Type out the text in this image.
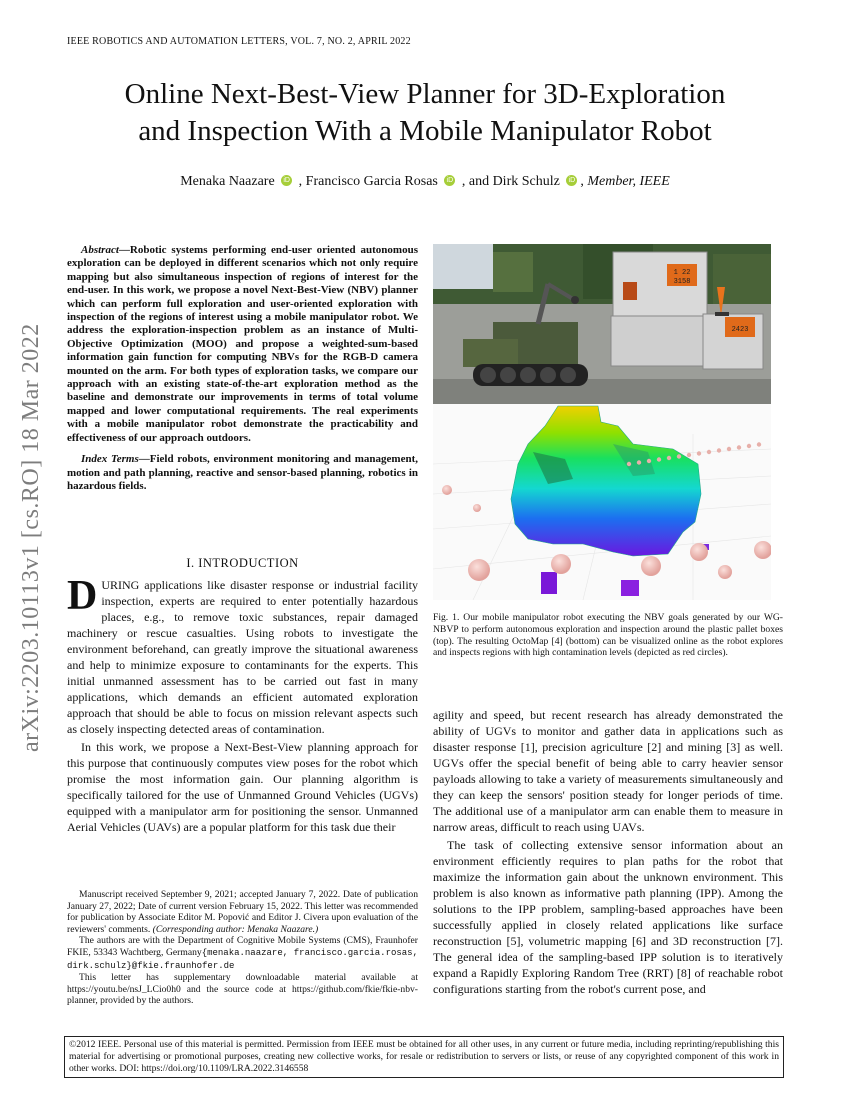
IEEE ROBOTICS AND AUTOMATION LETTERS, VOL. 7, NO. 2, APRIL 2022
Online Next-Best-View Planner for 3D-Exploration
and Inspection With a Mobile Manipulator Robot
Menaka Naazare iD , Francisco Garcia Rosas iD , and Dirk Schulz iD , Member, IEEE
arXiv:2203.10113v1 [cs.RO] 18 Mar 2022

Abstract—Robotic systems performing end-user oriented autonomous exploration can be deployed in different scenarios which not only require mapping but also simultaneous inspection of regions of interest for the end-user. In this work, we propose a novel Next-Best-View (NBV) planner which can perform full exploration and user-oriented exploration with inspection of the regions of interest using a mobile manipulator robot. We address the exploration-inspection problem as an instance of Multi-Objective Optimization (MOO) and propose a weighted-sum-based information gain function for computing NBVs for the RGB-D camera mounted on the arm. For both types of exploration tasks, we compare our approach with an existing state-of-the-art exploration method as the baseline and demonstrate our improvements in terms of total volume mapped and lower computational requirements. The real experiments with a mobile manipulator robot demonstrate the practicability and effectiveness of our approach outdoors.

Index Terms—Field robots, environment monitoring and management, motion and path planning, reactive and sensor-based planning, robotics in hazardous fields.

I. INTRODUCTION

DURING applications like disaster response or industrial facility inspection, experts are required to enter potentially hazardous places, e.g., to remove toxic substances, repair damaged machinery or rescue casualties. Using robots to investigate the environment beforehand, can greatly improve the situational awareness and help to minimize exposure to contaminants for the experts. This initial unmanned assessment has to be carried out fast in many applications, which demands an efficient automated exploration approach that should be able to focus on mission relevant aspects such as closely inspecting detected areas of contamination.

In this work, we propose a Next-Best-View planning approach for this purpose that continuously computes view poses for the robot which promise the most information gain. Our planning algorithm is specifically tailored for the use of Unmanned Ground Vehicles (UGVs) equipped with a manipulator arm for positioning the sensor. Unmanned Aerial Vehicles (UAVs) are a popular platform for this task due their

Manuscript received September 9, 2021; accepted January 7, 2022. Date of publication January 27, 2022; Date of current version February 15, 2022. This letter was recommended for publication by Associate Editor M. Popović and Editor J. Civera upon evaluation of the reviewers' comments. (Corresponding author: Menaka Naazare.)

The authors are with the Department of Cognitive Mobile Systems (CMS), Fraunhofer FKIE, 53343 Wachtberg, Germany{menaka.naazare, francisco.garcia.rosas, dirk.schulz}@fkie.fraunhofer.de

This letter has supplementary downloadable material available at https://youtu.be/nsJ_LCio0h0 and the source code at https://github.com/fkie/fkie-nbv-planner, provided by the authors.

1 22
3158
2423
Fig. 1. Our mobile manipulator robot executing the NBV goals generated by our WG-NBVP to perform autonomous exploration and inspection around the plastic pallet boxes (top). The resulting OctoMap [4] (bottom) can be visualized online as the robot explores and inspects regions with high contamination levels (depicted as red circles).

agility and speed, but recent research has already demonstrated the ability of UGVs to monitor and gather data in applications such as disaster response [1], precision agriculture [2] and mining [3] as well. UGVs offer the special benefit of being able to carry heavier sensor payloads allowing to take a variety of measurements simultaneously and they can keep the sensors' position steady for longer periods of time. The additional use of a manipulator arm can enable them to measure in narrow areas, difficult to reach using UAVs.

The task of collecting extensive sensor information about an environment efficiently requires to plan paths for the robot that maximize the information gain about the unknown environment. This problem is also known as informative path planning (IPP). Among the solutions to the IPP problem, sampling-based approaches have been successfully applied in closely related applications like surface reconstruction [5], volumetric mapping [6] and 3D reconstruction [7]. The general idea of the sampling-based IPP solution is to iteratively expand a Rapidly Exploring Random Tree (RRT) [8] of reachable robot configurations starting from the robot's current pose, and

©2012 IEEE. Personal use of this material is permitted. Permission from IEEE must be obtained for all other uses, in any current or future media, including reprinting/republishing this material for advertising or promotional purposes, creating new collective works, for resale or redistribution to servers or lists, or reuse of any copyrighted component of this work in other works. DOI: https://doi.org/10.1109/LRA.2022.3146558
